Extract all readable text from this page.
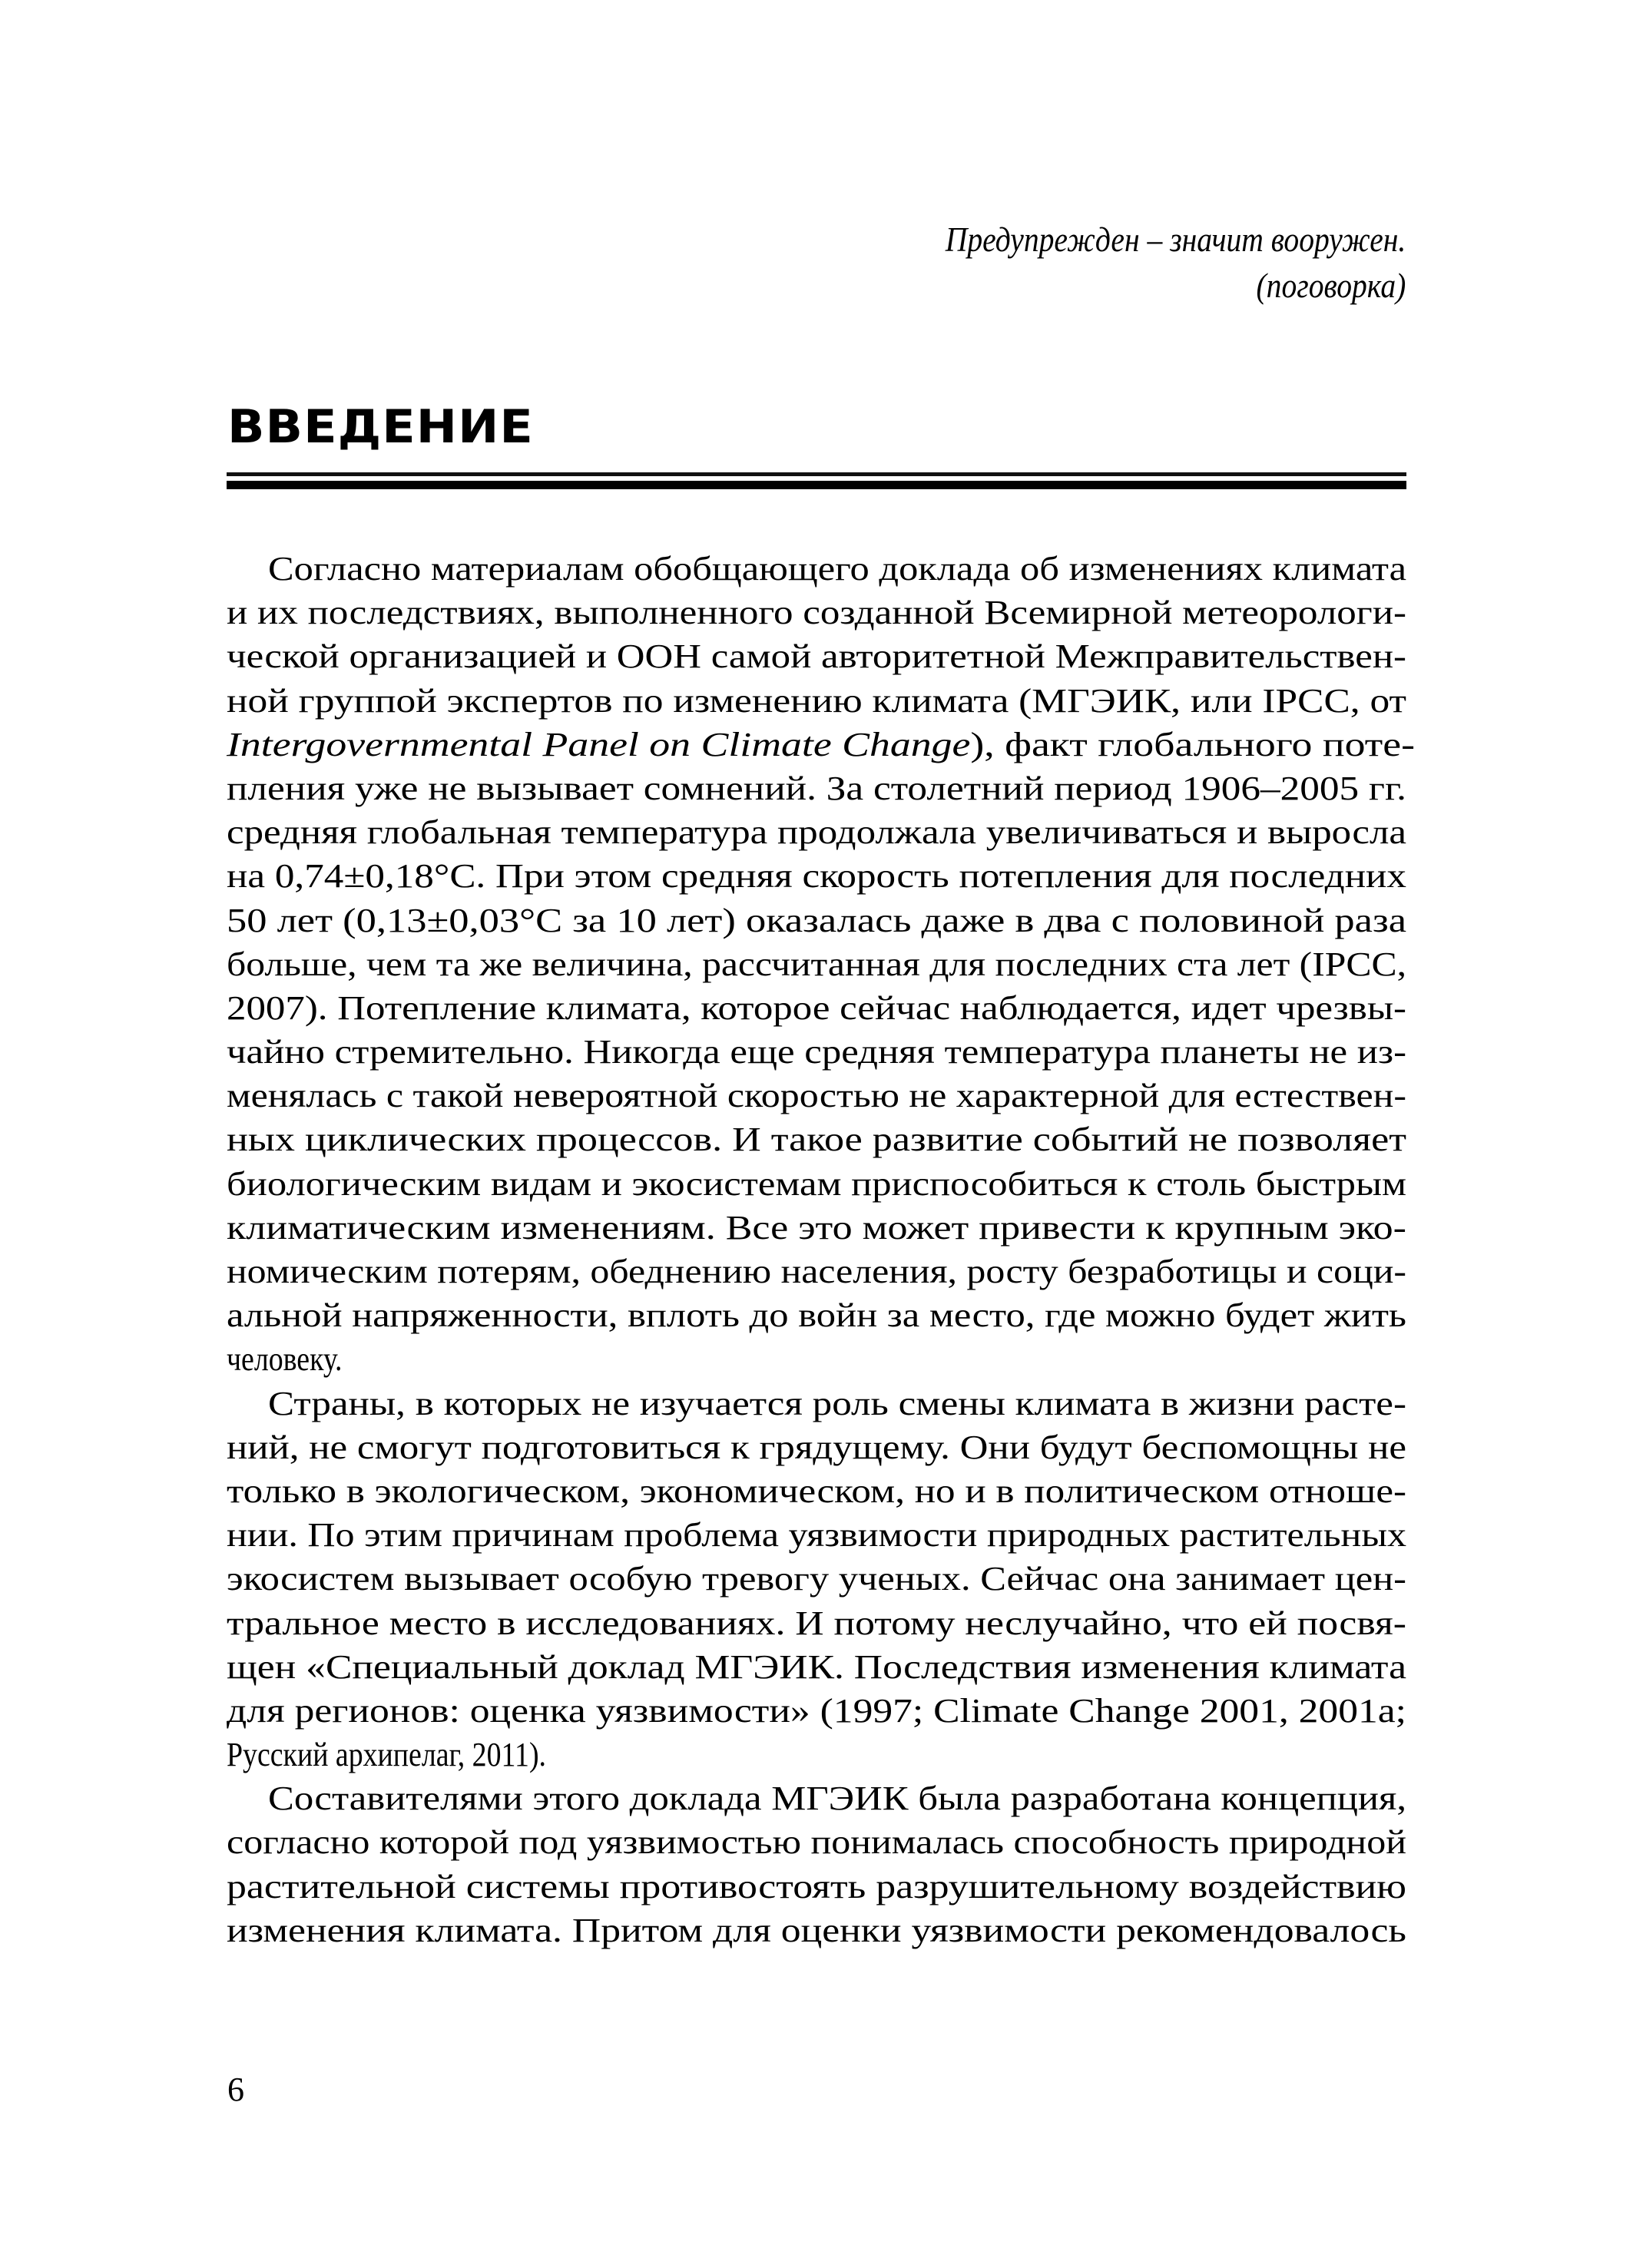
Предупрежден – значит вооружен.
(поговорка)
ВВЕДЕНИЕ
Согласно материалам обобщающего доклада об изменениях климата
и их последствиях, выполненного созданной Всемирной метеорологи-
ческой организацией и ООН самой авторитетной Межправительствен-
ной группой экспертов по изменению климата (МГЭИК, или IPCC, от
Intergovernmental Panel on Climate Change), факт глобального поте-
пления уже не вызывает сомнений. За столетний период 1906–2005 гг.
средняя глобальная температура продолжала увеличиваться и выросла
на 0,74±0,18°С. При этом средняя скорость потепления для последних
50 лет (0,13±0,03°С за 10 лет) оказалась даже в два с половиной раза
больше, чем та же величина, рассчитанная для последних ста лет (IPCC,
2007). Потепление климата, которое сейчас наблюдается, идет чрезвы-
чайно стремительно. Никогда еще средняя температура планеты не из-
менялась с такой невероятной скоростью не характерной для естествен-
ных циклических процессов. И такое развитие событий не позволяет
биологическим видам и экосистемам приспособиться к столь быстрым
климатическим изменениям. Все это может привести к крупным эко-
номическим потерям, обеднению населения, росту безработицы и соци-
альной напряженности, вплоть до войн за место, где можно будет жить
человеку.
Страны, в которых не изучается роль смены климата в жизни расте-
ний, не смогут подготовиться к грядущему. Они будут беспомощны не
только в экологическом, экономическом, но и в политическом отноше-
нии. По этим причинам проблема уязвимости природных растительных
экосистем вызывает особую тревогу ученых. Сейчас она занимает цен-
тральное место в исследованиях. И потому неслучайно, что ей посвя-
щен «Специальный доклад МГЭИК. Последствия изменения климата
для регионов: оценка уязвимости» (1997; Climate Change 2001, 2001a;
Русский архипелаг, 2011).
Составителями этого доклада МГЭИК была разработана концепция,
согласно которой под уязвимостью понималась способность природной
растительной системы противостоять разрушительному воздействию
изменения климата. Притом для оценки уязвимости рекомендовалось
6
